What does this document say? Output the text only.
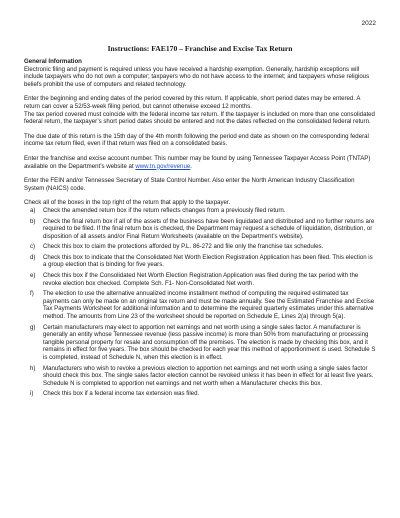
2022
Instructions: FAE170 – Franchise and Excise Tax Return
General Information

Electronic filing and payment is required unless you have received a hardship exemption. Generally, hardship exceptions will include taxpayers who do not own a computer; taxpayers who do not have access to the internet; and taxpayers whose religious beliefs prohibit the use of computers and related technology.

Enter the beginning and ending dates of the period covered by this return. If applicable, short period dates may be entered. A return can cover a 52/53-week filing period, but cannot otherwise exceed 12 months.

The tax period covered must coincide with the federal income tax return. If the taxpayer is included on more than one consolidated federal return, the taxpayer’s short period dates should be entered and not the dates reflected on the consolidated federal return.

The due date of this return is the 15th day of the 4th month following the period end date as shown on the corresponding federal income tax return filed, even if that return was filed on a consolidated basis.

Enter the franchise and excise account number. This number may be found by using Tennessee Taxpayer Access Point (TNTAP) available on the Department’s website at www.tn.gov/revenue.

Enter the FEIN and/or Tennessee Secretary of State Control Number. Also enter the North American Industry Classification System (NAICS) code.

Check all of the boxes in the top right of the return that apply to the taxpayer.

a) Check the amended return box if the return reflects changes from a previously filed return.
b) Check the final return box if all of the assets of the business have been liquidated and distributed and no further returns are required to be filed. If the final return box is checked, the Department may request a schedule of liquidation, distribution, or disposition of all assets and/or Final Return Worksheets (available on the Department’s website).
c) Check this box to claim the protections afforded by P.L. 86-272 and file only the franchise tax schedules.
d) Check this box to indicate that the Consolidated Net Worth Election Registration Application has been filed. This election is a group election that is binding for five years.
e) Check this box if the Consolidated Net Worth Election Registration Application was filed during the tax period with the revoke election box checked. Complete Sch. F1- Non-Consolidated Net worth.
f) The election to use the alternative annualized income installment method of computing the required estimated tax payments can only be made on an original tax return and must be made annually. See the Estimated Franchise and Excise Tax Payments Worksheet for additional information and to determine the required quarterly estimates under this alternative method. The amounts from Line 23 of the worksheet should be reported on Schedule E, Lines 2(a) through 5(a).
g) Certain manufacturers may elect to apportion net earnings and net worth using a single sales factor. A manufacturer is generally an entity whose Tennessee revenue (less passive income) is more than 50% from manufacturing or processing tangible personal property for resale and consumption off the premises. The election is made by checking this box, and it remains in effect for five years. The box should be checked for each year this method of apportionment is used. Schedule S is completed, instead of Schedule N, when this election is in effect.
h) Manufacturers who wish to revoke a previous election to apportion net earnings and net worth using a single sales factor should check this box. The single sales factor election cannot be revoked unless it has been in effect for at least five years. Schedule N is completed to apportion net earnings and net worth when a Manufacturer checks this box.
i) Check this box if a federal income tax extension was filed.
